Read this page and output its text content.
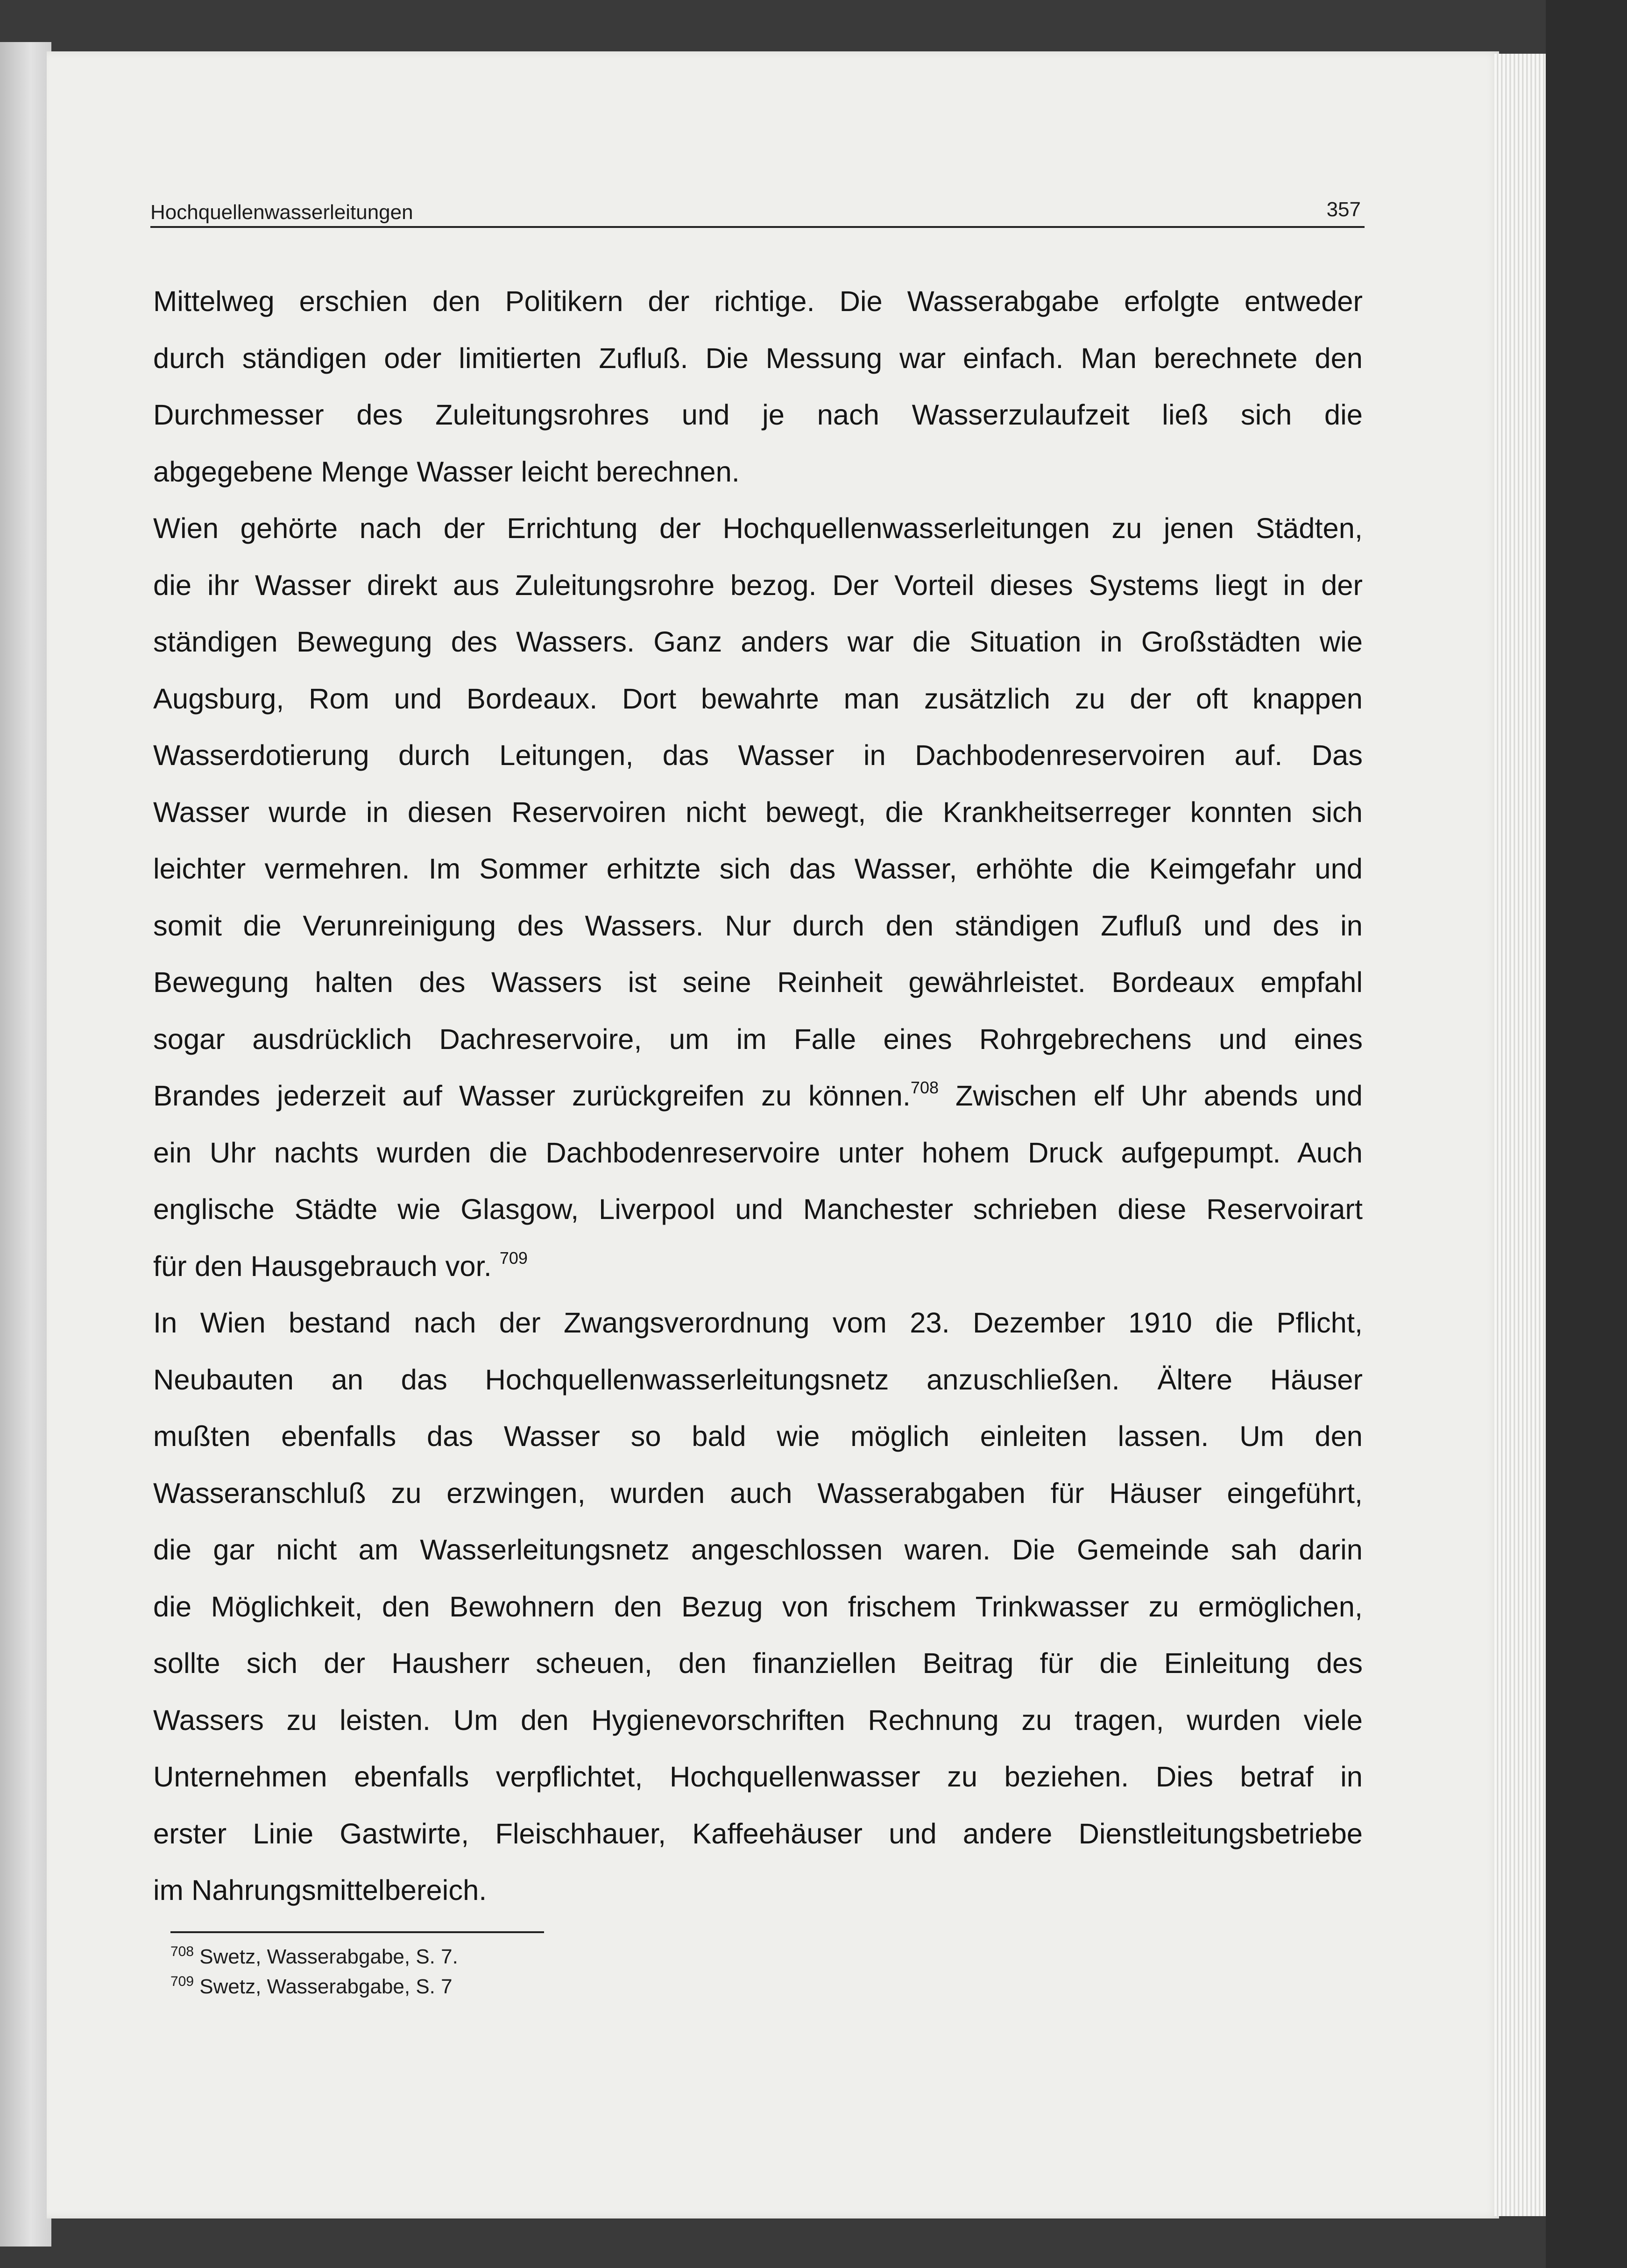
Hochquellenwasserleitungen	357
Mittelweg erschien den Politikern der richtige. Die Wasserabgabe erfolgte entweder
durch ständigen oder limitierten Zufluß. Die Messung war einfach. Man berechnete den
Durchmesser des Zuleitungsrohres und je nach Wasserzulaufzeit ließ sich die
abgegebene Menge Wasser leicht berechnen.
Wien gehörte nach der Errichtung der Hochquellenwasserleitungen zu jenen Städten,
die ihr Wasser direkt aus Zuleitungsrohre bezog. Der Vorteil dieses Systems liegt in der
ständigen Bewegung des Wassers. Ganz anders war die Situation in Großstädten wie
Augsburg, Rom und Bordeaux. Dort bewahrte man zusätzlich zu der oft knappen
Wasserdotierung durch Leitungen, das Wasser in Dachbodenreservoiren auf. Das
Wasser wurde in diesen Reservoiren nicht bewegt, die Krankheitserreger konnten sich
leichter vermehren. Im Sommer erhitzte sich das Wasser, erhöhte die Keimgefahr und
somit die Verunreinigung des Wassers. Nur durch den ständigen Zufluß und des in
Bewegung halten des Wassers ist seine Reinheit gewährleistet. Bordeaux empfahl
sogar ausdrücklich Dachreservoire, um im Falle eines Rohrgebrechens und eines
Brandes jederzeit auf Wasser zurückgreifen zu können.$^{708}$ Zwischen elf Uhr abends und
ein Uhr nachts wurden die Dachbodenreservoire unter hohem Druck aufgepumpt. Auch
englische Städte wie Glasgow, Liverpool und Manchester schrieben diese Reservoirart
für den Hausgebrauch vor. $^{709}$
In Wien bestand nach der Zwangsverordnung vom 23. Dezember 1910 die Pflicht,
Neubauten an das Hochquellenwasserleitungsnetz anzuschließen. Ältere Häuser
mußten ebenfalls das Wasser so bald wie möglich einleiten lassen. Um den
Wasseranschluß zu erzwingen, wurden auch Wasserabgaben für Häuser eingeführt,
die gar nicht am Wasserleitungsnetz angeschlossen waren. Die Gemeinde sah darin
die Möglichkeit, den Bewohnern den Bezug von frischem Trinkwasser zu ermöglichen,
sollte sich der Hausherr scheuen, den finanziellen Beitrag für die Einleitung des
Wassers zu leisten. Um den Hygienevorschriften Rechnung zu tragen, wurden viele
Unternehmen ebenfalls verpflichtet, Hochquellenwasser zu beziehen. Dies betraf in
erster Linie Gastwirte, Fleischhauer, Kaffeehäuser und andere Dienstleitungsbetriebe
im Nahrungsmittelbereich.
$^{708}$ Swetz, Wasserabgabe, S. 7.
$^{709}$ Swetz, Wasserabgabe, S. 7
